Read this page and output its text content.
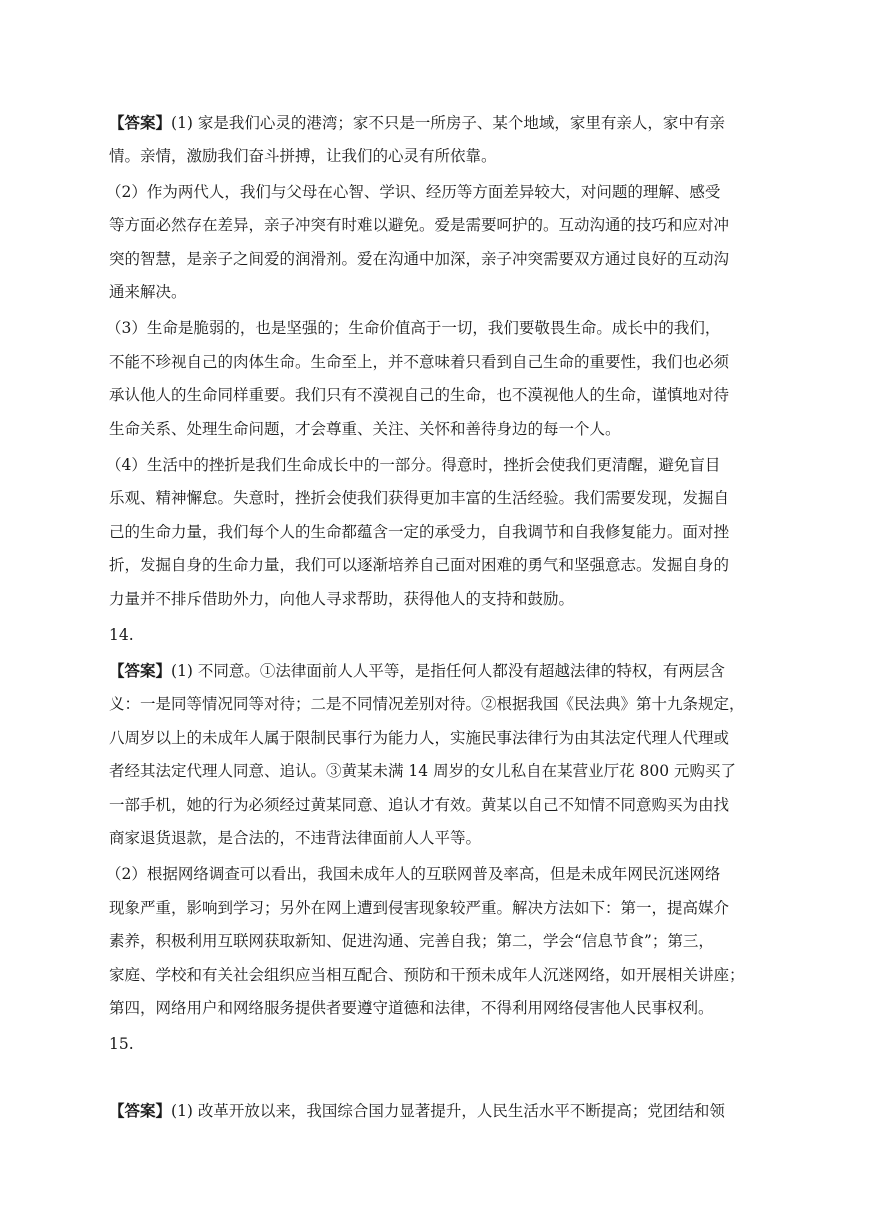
【答案】(1) 家是我们心灵的港湾；家不只是一所房子、某个地域，家里有亲人，家中有亲
情。亲情，激励我们奋斗拼搏，让我们的心灵有所依靠。
（2）作为两代人，我们与父母在心智、学识、经历等方面差异较大，对问题的理解、感受
等方面必然存在差异，亲子冲突有时难以避免。爱是需要呵护的。互动沟通的技巧和应对冲
突的智慧，是亲子之间爱的润滑剂。爱在沟通中加深，亲子冲突需要双方通过良好的互动沟
通来解决。
（3）生命是脆弱的，也是坚强的；生命价值高于一切，我们要敬畏生命。成长中的我们，
不能不珍视自己的肉体生命。生命至上，并不意味着只看到自己生命的重要性，我们也必须
承认他人的生命同样重要。我们只有不漠视自己的生命，也不漠视他人的生命，谨慎地对待
生命关系、处理生命问题，才会尊重、关注、关怀和善待身边的每一个人。
（4）生活中的挫折是我们生命成长中的一部分。得意时，挫折会使我们更清醒，避免盲目
乐观、精神懈怠。失意时，挫折会使我们获得更加丰富的生活经验。我们需要发现，发掘自
己的生命力量，我们每个人的生命都蕴含一定的承受力，自我调节和自我修复能力。面对挫
折，发掘自身的生命力量，我们可以逐渐培养自己面对困难的勇气和坚强意志。发掘自身的
力量并不排斥借助外力，向他人寻求帮助，获得他人的支持和鼓励。
14.
【答案】(1) 不同意。①法律面前人人平等，是指任何人都没有超越法律的特权，有两层含
义：一是同等情况同等对待；二是不同情况差别对待。②根据我国《民法典》第十九条规定，
八周岁以上的未成年人属于限制民事行为能力人，实施民事法律行为由其法定代理人代理或
者经其法定代理人同意、追认。③黄某未满 14 周岁的女儿私自在某营业厅花 800 元购买了
一部手机，她的行为必须经过黄某同意、追认才有效。黄某以自己不知情不同意购买为由找
商家退货退款，是合法的，不违背法律面前人人平等。
（2）根据网络调查可以看出，我国未成年人的互联网普及率高，但是未成年网民沉迷网络
现象严重，影响到学习；另外在网上遭到侵害现象较严重。解决方法如下：第一，提高媒介
素养，积极利用互联网获取新知、促进沟通、完善自我；第二，学会“信息节食”；第三，
家庭、学校和有关社会组织应当相互配合、预防和干预未成年人沉迷网络，如开展相关讲座；
第四，网络用户和网络服务提供者要遵守道德和法律，不得利用网络侵害他人民事权利。
15.
【答案】(1) 改革开放以来，我国综合国力显著提升，人民生活水平不断提高；党团结和领
